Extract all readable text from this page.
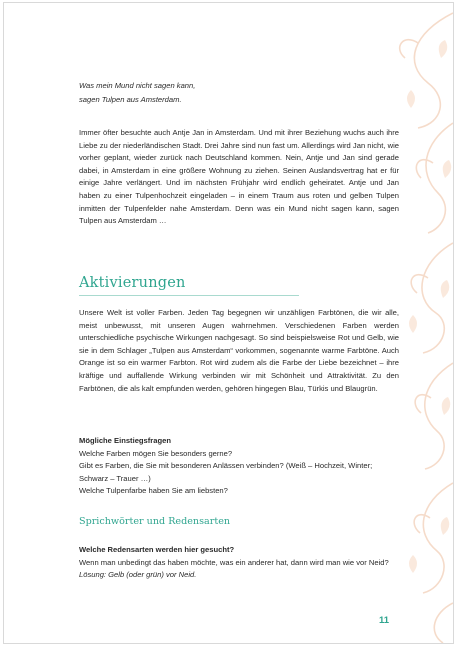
Was mein Mund nicht sagen kann,
sagen Tulpen aus Amsterdam.

Immer öfter besuchte auch Antje Jan in Amsterdam. Und mit ihrer Beziehung wuchs auch ihre Liebe zu der niederländischen Stadt. Drei Jahre sind nun fast um. Allerdings wird Jan nicht, wie vorher geplant, wieder zurück nach Deutschland kommen. Nein, Antje und Jan sind gerade dabei, in Amsterdam in eine größere Wohnung zu ziehen. Seinen Auslandsvertrag hat er für einige Jahre verlängert. Und im nächsten Frühjahr wird endlich geheiratet. Antje und Jan haben zu einer Tulpenhochzeit eingeladen – in einem Traum aus roten und gelben Tulpen inmitten der Tulpenfelder nahe Amsterdam. Denn was ein Mund nicht sagen kann, sagen Tulpen aus Amsterdam …

Aktivierungen

Unsere Welt ist voller Farben. Jeden Tag begegnen wir unzähligen Farbtönen, die wir alle, meist unbewusst, mit unseren Augen wahrnehmen. Verschiedenen Farben werden unterschiedliche psychische Wirkungen nachgesagt. So sind beispielsweise Rot und Gelb, wie sie in dem Schlager „Tulpen aus Amsterdam“ vorkommen, sogenannte warme Farbtöne. Auch Orange ist so ein warmer Farbton. Rot wird zudem als die Farbe der Liebe bezeichnet – ihre kräftige und auffallende Wirkung verbinden wir mit Schönheit und Attraktivität. Zu den Farbtönen, die als kalt empfunden werden, gehören hingegen Blau, Türkis und Blaugrün.

Mögliche Einstiegsfragen
Welche Farben mögen Sie besonders gerne?
Gibt es Farben, die Sie mit besonderen Anlässen verbinden? (Weiß – Hochzeit, Winter; Schwarz – Trauer …)
Welche Tulpenfarbe haben Sie am liebsten?
Sprichwörter und Redensarten
Welche Redensarten werden hier gesucht?
Wenn man unbedingt das haben möchte, was ein anderer hat, dann wird man wie vor Neid?
Lösung: Gelb (oder grün) vor Neid.
11
